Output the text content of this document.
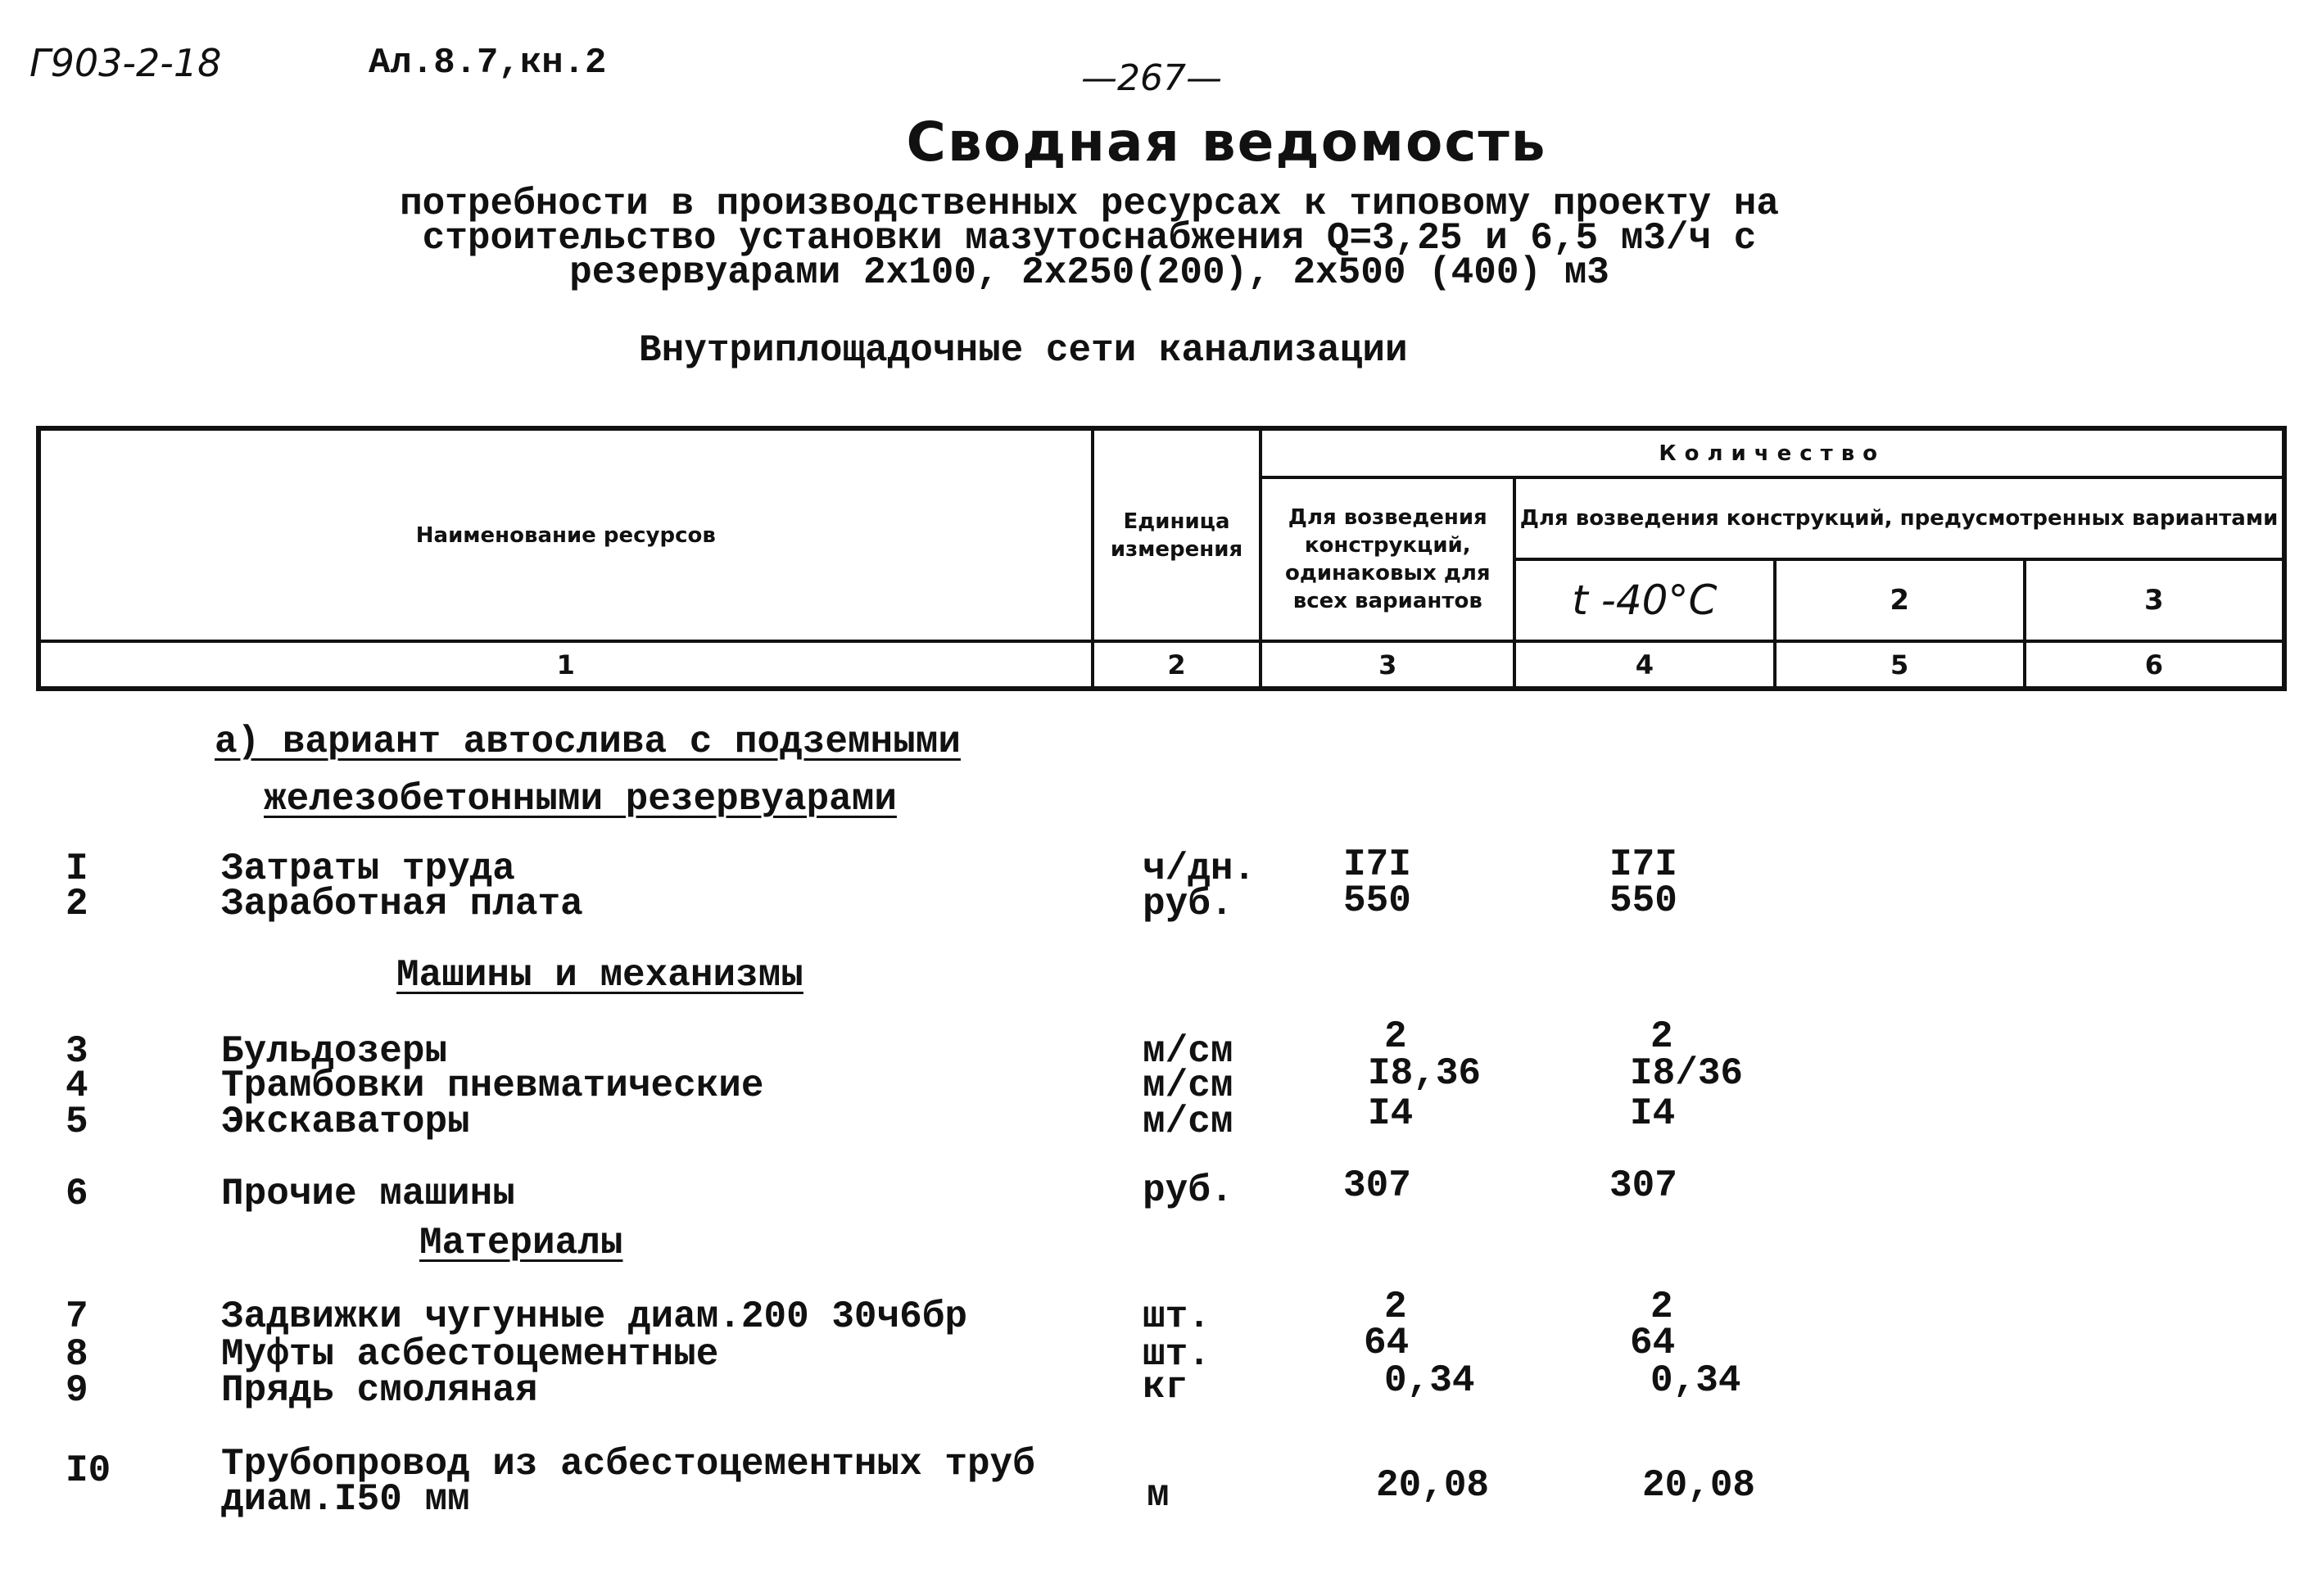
Г903-2-18	Ал.8.7,кн.2	—267—
Сводная ведомость
потребности в производственных ресурсах к типовому проекту на
строительство установки мазутоснабжения Q=3,25 и 6,5 м3/ч с
резервуарами 2х100, 2х250(200), 2х500 (400) м3
Внутриплощадочные сети канализации
Наименование ресурсов	Единица измерения	Количество			
		Для возведения конструкций, одинаковых для всех вариантов	Для возведения конструкций, предусмотренных вариантами		
			t -40°C	2	3
1	2	3	4	5	6
а) вариант автослива с подземными
железобетонными резервуарами
I	Затраты труда	ч/дн. I7I	I7I
2	Заработная плата	руб.	550	550
Машины и механизмы
3	Бульдозеры	м/см	2	2
4	Трамбовки пневматические	м/см	I8,36	I8/36
5	Экскаваторы	м/см	I4	I4
6	Прочие машины	руб.	307	307
Материалы
7	Задвижки чугунные диам.200 30ч6бр	шт.	2	2
8	Муфты асбестоцементные	шт.	64	64
9	Прядь смоляная	кг	0,34	0,34
I0	Трубопровод из асбестоцементных труб
диам.I50 мм	м	20,08	20,08
